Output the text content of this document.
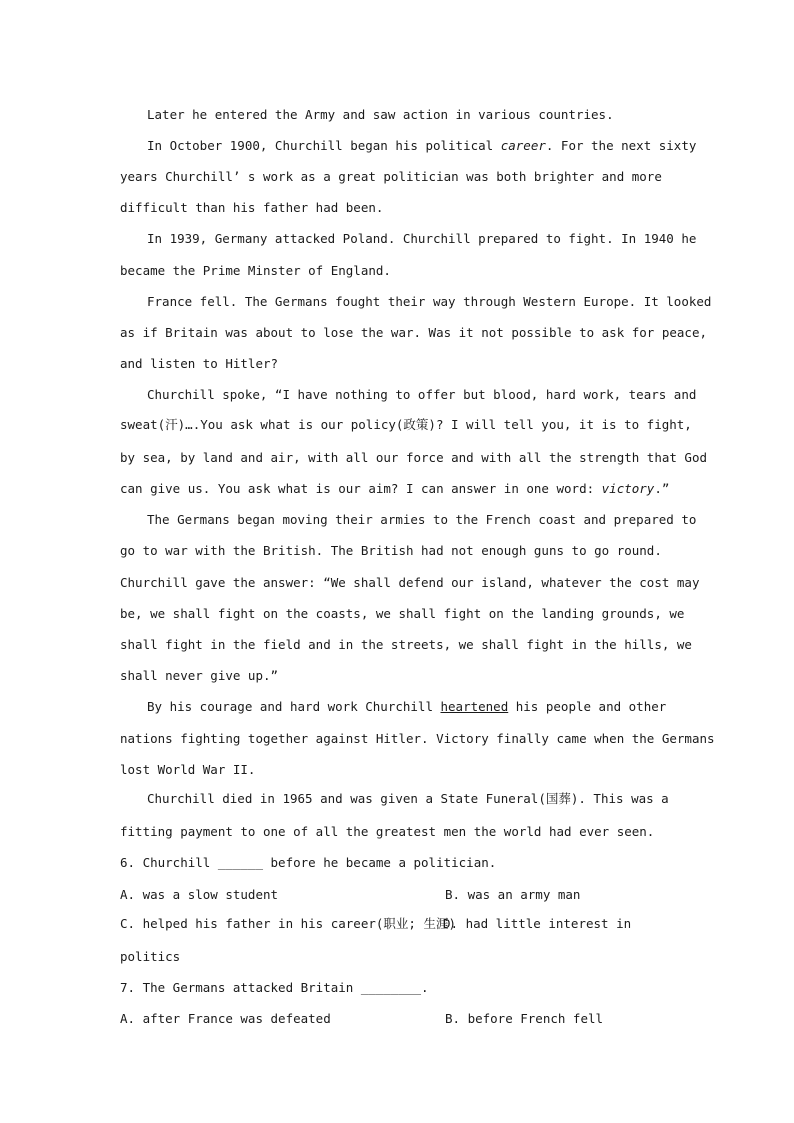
Later he entered the Army and saw action in various countries.
In October 1900, Churchill began his political career. For the next sixty
years Churchill’ s work as a great politician was both brighter and more
difficult than his father had been.
In 1939, Germany attacked Poland. Churchill prepared to fight. In 1940 he
became the Prime Minster of England.
France fell. The Germans fought their way through Western Europe. It looked
as if Britain was about to lose the war. Was it not possible to ask for peace,
and listen to Hitler?
Churchill spoke, “I have nothing to offer but blood, hard work, tears and
sweat(汗)….You ask what is our policy(政策)? I will tell you, it is to fight,
by sea, by land and air, with all our force and with all the strength that God
can give us. You ask what is our aim? I can answer in one word: victory.”
The Germans began moving their armies to the French coast and prepared to
go to war with the British. The British had not enough guns to go round.
Churchill gave the answer: “We shall defend our island, whatever the cost may
be, we shall fight on the coasts, we shall fight on the landing grounds, we
shall fight in the field and in the streets, we shall fight in the hills, we
shall never give up.”
By his courage and hard work Churchill heartened his people and other
nations fighting together against Hitler. Victory finally came when the Germans
lost World War II.
Churchill died in 1965 and was given a State Funeral(国葬). This was a
fitting payment to one of all the greatest men the world had ever seen.
6. Churchill ______ before he became a politician.
A. was a slow student	B. was an army man
C. helped his father in his career(职业; 生涯)
D. had little interest in
politics
7. The Germans attacked Britain ________.
A. after France was defeated	B. before French fell
